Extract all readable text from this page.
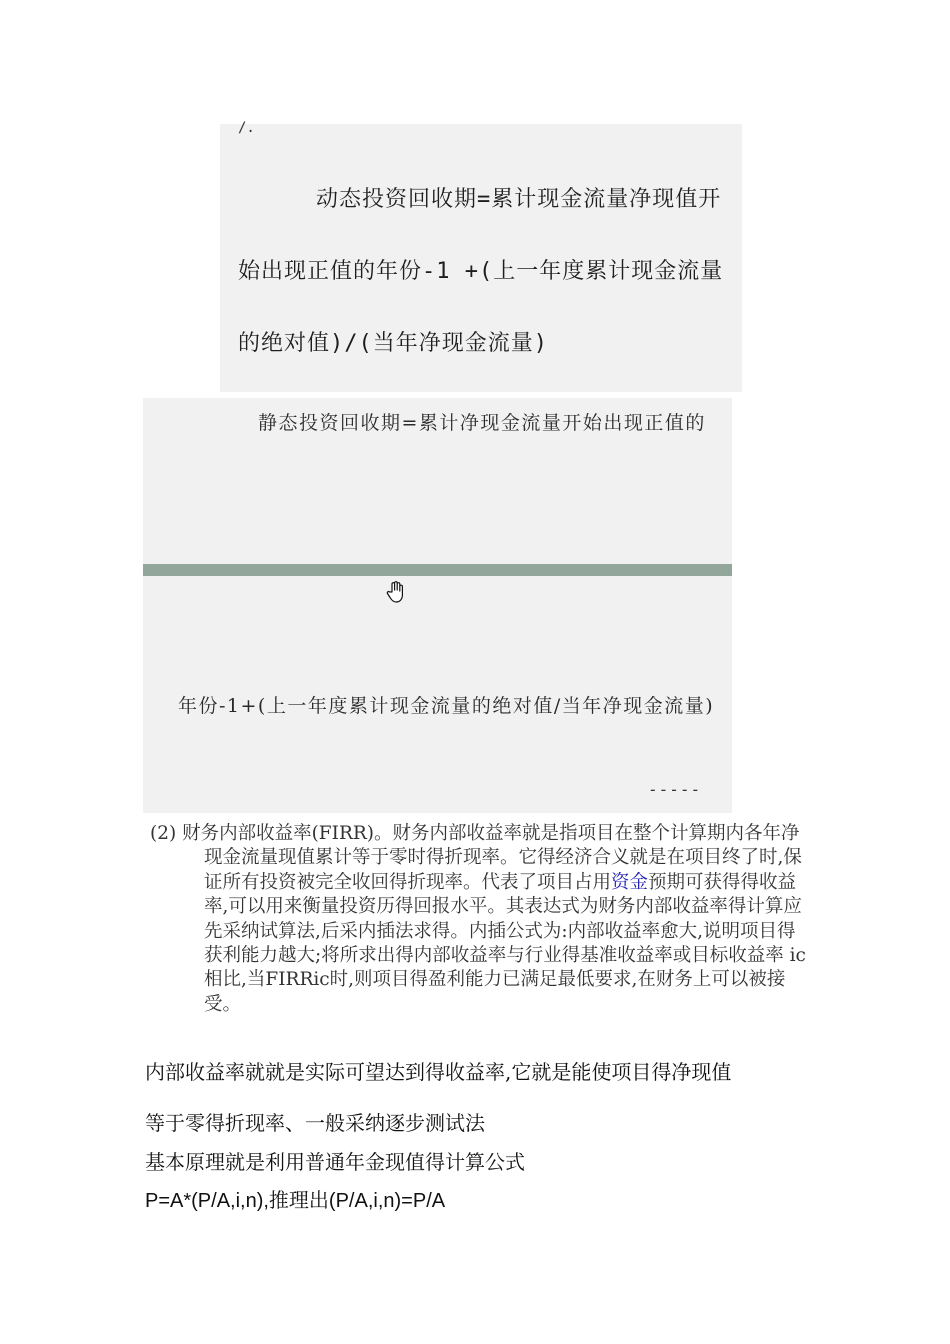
/.
动态投资回收期=累计现金流量净现值开始出现正值的年份-1 +(上一年度累计现金流量的绝对值)/(当年净现金流量)
静态投资回收期=累计净现金流量开始出现正值的
年份-1+(上一年度累计现金流量的绝对值/当年净现金流量)
-----
(2) 财务内部收益率(FIRR)。财务内部收益率就是指项目在整个计算期内各年净现金流量现值累计等于零时得折现率。它得经济合义就是在项目终了时,保证所有投资被完全收回得折现率。代表了项目占用资金预期可获得得收益率,可以用来衡量投资历得回报水平。其表达式为财务内部收益率得计算应先采纳试算法,后采内插法求得。内插公式为:内部收益率愈大,说明项目得获利能力越大;将所求出得内部收益率与行业得基准收益率或目标收益率 ic 相比,当FIRRic时,则项目得盈利能力已满足最低要求,在财务上可以被接受。
内部收益率就就是实际可望达到得收益率,它就是能使项目得净现值
等于零得折现率、一般采纳逐步测试法
基本原理就是利用普通年金现值得计算公式
P=A*(P/A,i,n),推理出(P/A,i,n)=P/A
